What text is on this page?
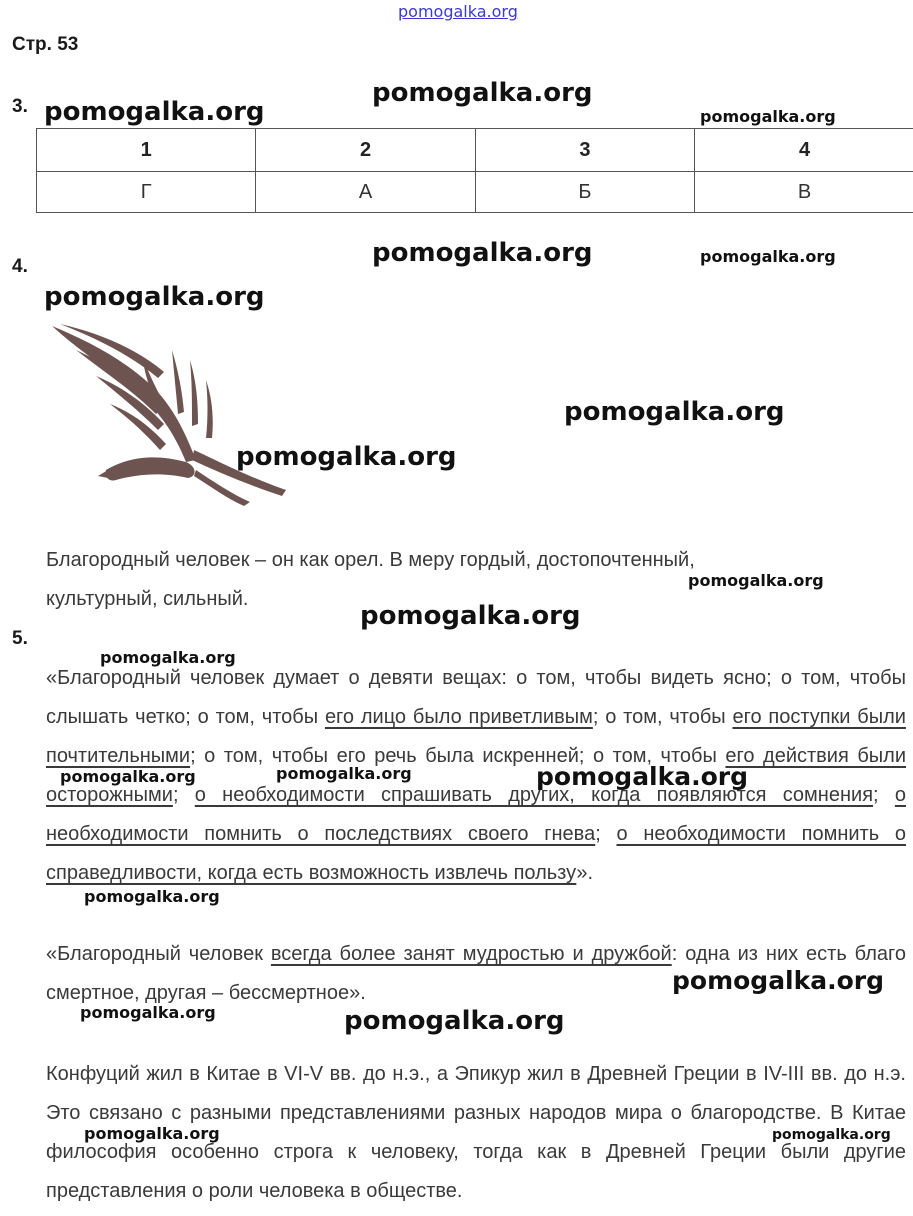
pomogalka.org
Стр. 53
3.	pomogalka.org
pomogalka.org	pomogalka.org
1	2	3	4
Г	А	Б	В
4.	pomogalka.org	pomogalka.org
pomogalka.org
pomogalka.org
pomogalka.org
Благородный человек – он как орел. В меру гордый, достопочтенный,
культурный, сильный.
pomogalka.org
pomogalka.org
5.
pomogalka.org

«Благородный человек думает о девяти вещах: о том, чтобы видеть ясно; о том, чтобы слышать четко; о том, чтобы его лицо было приветливым; о том, чтобы его поступки были почтительными; о том, чтобы его речь была искренней; о том, чтобы его действия были осторожными; о необходимости спрашивать других, когда появляются сомнения; о необходимости помнить о последствиях своего гнева; о необходимости помнить о справедливости, когда есть возможность извлечь пользу».

pomogalka.org	pomogalka.org	pomogalka.org
pomogalka.org

«Благородный человек всегда более занят мудростью и дружбой: одна из них есть благо смертное, другая – бессмертное».	pomogalka.org
pomogalka.org	pomogalka.org

Конфуций жил в Китае в VI-V вв. до н.э., а Эпикур жил в Древней Греции в IV-III вв. до н.э. Это связано с разными представлениями разных народов мира о благородстве. В Китае философия особенно строга к человеку, тогда как в Древней Греции были другие представления о роли человека в обществе.

pomogalka.org	pomogalka.org
